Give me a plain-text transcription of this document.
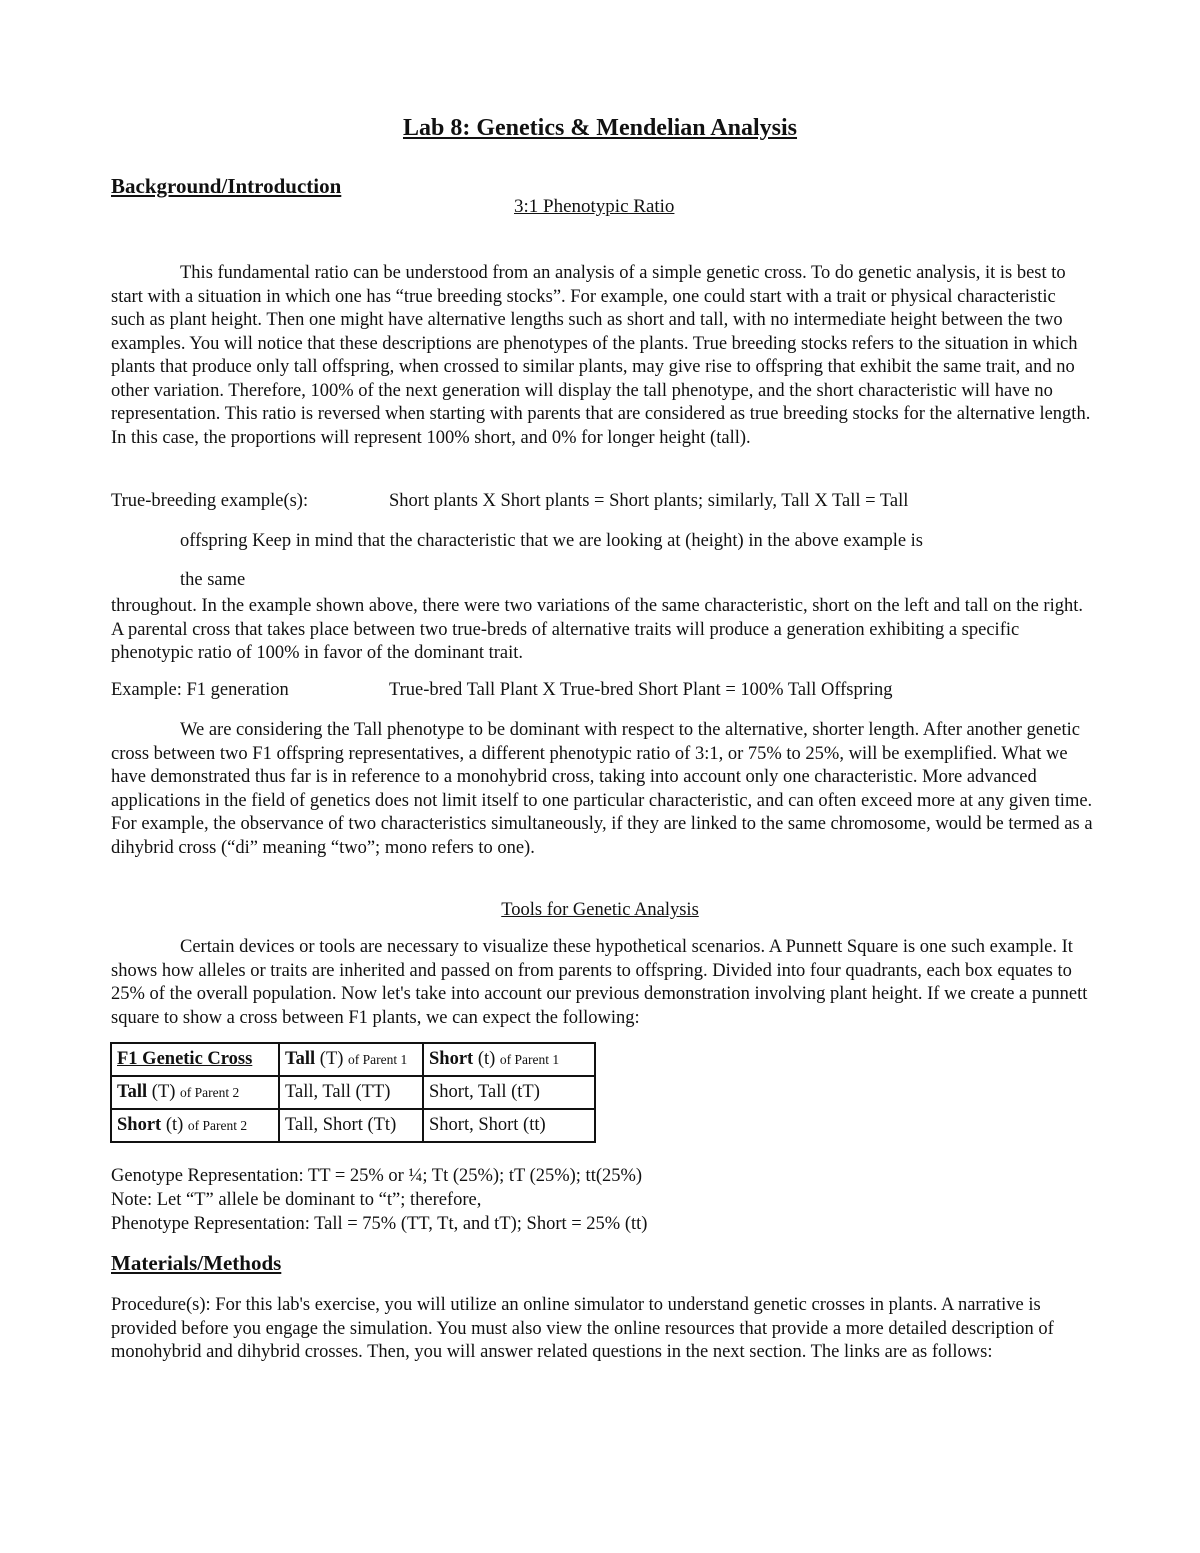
Lab 8: Genetics & Mendelian Analysis
Background/Introduction
3:1 Phenotypic Ratio
This fundamental ratio can be understood from an analysis of a simple genetic cross. To do genetic analysis, it is best to start with a situation in which one has “true breeding stocks”. For example, one could start with a trait or physical characteristic such as plant height. Then one might have alternative lengths such as short and tall, with no intermediate height between the two examples. You will notice that these descriptions are phenotypes of the plants. True breeding stocks refers to the situation in which plants that produce only tall offspring, when crossed to similar plants, may give rise to offspring that exhibit the same trait, and no other variation. Therefore, 100% of the next generation will display the tall phenotype, and the short characteristic will have no representation. This ratio is reversed when starting with parents that are considered as true breeding stocks for the alternative length. In this case, the proportions will represent 100% short, and 0% for longer height (tall).
True-breeding example(s):	Short plants X Short plants = Short plants; similarly, Tall X Tall = Tall
offspring Keep in mind that the characteristic that we are looking at (height) in the above example is
the same
throughout. In the example shown above, there were two variations of the same characteristic, short on the left and tall on the right. A parental cross that takes place between two true-breds of alternative traits will produce a generation exhibiting a specific phenotypic ratio of 100% in favor of the dominant trait.
Example: F1 generation	True-bred Tall Plant X True-bred Short Plant = 100% Tall Offspring
We are considering the Tall phenotype to be dominant with respect to the alternative, shorter length. After another genetic cross between two F1 offspring representatives, a different phenotypic ratio of 3:1, or 75% to 25%, will be exemplified. What we have demonstrated thus far is in reference to a monohybrid cross, taking into account only one characteristic. More advanced applications in the field of genetics does not limit itself to one particular characteristic, and can often exceed more at any given time. For example, the observance of two characteristics simultaneously, if they are linked to the same chromosome, would be termed as a dihybrid cross (“di” meaning “two”; mono refers to one).
Tools for Genetic Analysis
Certain devices or tools are necessary to visualize these hypothetical scenarios. A Punnett Square is one such example. It shows how alleles or traits are inherited and passed on from parents to offspring. Divided into four quadrants, each box equates to 25% of the overall population. Now let's take into account our previous demonstration involving plant height. If we create a punnett square to show a cross between F1 plants, we can expect the following:
F1 Genetic Cross	Tall (T) of Parent 1	Short (t) of Parent 1
Tall (T) of Parent 2	Tall, Tall (TT)	Short, Tall (tT)
Short (t) of Parent 2	Tall, Short (Tt)	Short, Short (tt)
Genotype Representation: TT = 25% or ¼; Tt (25%); tT (25%); tt(25%)
Note: Let “T” allele be dominant to “t”; therefore,
Phenotype Representation: Tall = 75% (TT, Tt, and tT); Short = 25% (tt)
Materials/Methods
Procedure(s): For this lab's exercise, you will utilize an online simulator to understand genetic crosses in plants. A narrative is provided before you engage the simulation. You must also view the online resources that provide a more detailed description of monohybrid and dihybrid crosses. Then, you will answer related questions in the next section. The links are as follows:
